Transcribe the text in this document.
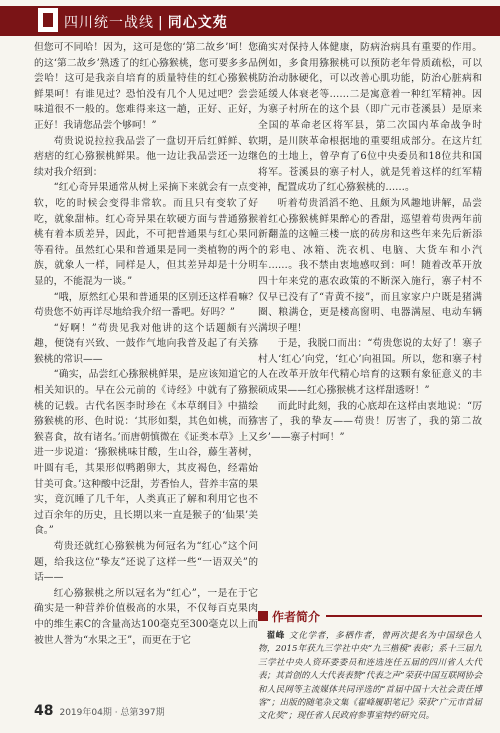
四川统一战线 | 同心文苑

但您可不同哈！因为，这可是您的‘第二故乡’呵！您的这‘第二故乡’熟透了的红心猕猴桃，您可要多多品尝哈！这可是我亲自培育的质量特佳的红心猕猴桃鲜果呵！有谁见过？恐怕没有几个人见过吧？尝尝味道很不一般的。您难得来这一趟，正好、正好，正好！我请您品尝个够呵！”

苟贵说说拉拉我品尝了一盘切开后红鲜鲜、软痞痞的红心猕猴桃鲜果。他一边让我品尝还一边继续对我介绍到：

“红心奇异果通常从树上采摘下来就会有一点变软，吃的时候会变得非常软。而且只有变软了好吃，就象甜柿。红心奇异果在软硬方面与普通猕猴桃有着本质差异，因此，不可把普通果与红心果同等看待。虽然红心果和普通果是同一类植物的两个族，就象人一样，同样是人，但其差异却是十分明显的，不能混为一谈。”

“哦，原然红心果和普通果的区别还这样看嘛？苟贵您不妨再详尽地给我介绍一番吧。好吗？”

“好啊！”苟贵见我对他讲的这个话题颇有兴趣，便饶有兴致、一鼓作气地向我普及起了有关猕猴桃的常识——

“确实，品尝红心猕猴桃鲜果，是应该知道它的相关知识的。早在公元前的《诗经》中就有了猕猴桃的记载。古代名医李时珍在《本草纲目》中描绘猕猴桃的形、色时说：‘其形如梨，其色如桃，而猕猴喜食，故有诸名。’而唐朝慎微在《证类本草》上又进一步说道：‘猕猴桃味甘酸，生山谷，藤生著树，叶圆有毛，其果形似鸭鹅卵大，其皮褐色，经霜始甘美可食。’这种酸中泛甜，芳香怡人，营养丰富的果实，竟沉睡了几千年，人类真正了解和利用它也不过百余年的历史，且长期以来一直是猴子的‘仙果’美食。”

苟贵还就红心猕猴桃为何冠名为“红心”这个问题，给我这位“挚友”还说了这样一些“一语双关”的话——

红心猕猴桃之所以冠名为“红心”，一是在于它确实是一种营养价值极高的水果，不仅每百克果肉中的维生素C的含量高达100毫克至300毫克以上而被世人誉为“水果之王”，而更在于它

确实对保持人体健康，防病治病具有重要的作用。例如，多食用猕猴桃可以预防老年骨质疏松，可以防治动脉硬化，可以改善心肌功能，防治心脏病和延缓人体衰老等……二是寓意着一种红军精神。因为寨子村所在的这个县（即广元市苍溪县）是原来全国的革命老区将军县，第二次国内革命战争时期，是川陕革命根据地的重要组成部分。在这片红色的土地上，曾孕育了6位中央委员和18位共和国将军。苍溪县的寨子村人，就是凭着这样的红军精神，配置成功了红心猕猴桃的……。

听着苟贵滔滔不绝、且颇为风趣地讲解，品尝着红心猕猴桃鲜果醉心的香甜，巡望着苟贵两年前新翻盖的这幢三楼一底的砖房和这些年来先后新添的彩电、冰箱、洗衣机、电脑、大货车和小汽车……。我不禁由衷地感叹到：呵！随着改革开放四十年来党的惠农政策的不断深入施行，寨子村不仅早已没有了“青黄不接”，而且家家户户既是猪满圈、粮满仓，更是楼高窗明、电器满屋、电动车辆满坝子哩！

于是，我脱口而出：“苟贵您说的太好了！寨子村人‘红心’向党，‘红心’向祖国。所以，您和寨子村人在改革开放年代精心培育的这颗有象征意义的丰硕成果——红心猕猴桃才这样甜透呀！”

而此时此刻，我的心底却在这样由衷地说：“厉害了，我的挚友——苟贵！厉害了，我的第二故乡’——寨子村呵！”

作者简介
翟峰 文化学者，多栖作者，曾两次提名为中国绿色人物，2015年获九三学社中央“九三楷模”表彰；系十三届九三学社中央人资环委委员和连选连任五届的四川省人大代表；其首创的人大代表表赞“代表之声”荣获中国互联网协会和人民网等主流媒体共同评选的“首届中国十大社会责任博客”；出版的随笔杂文集《翟峰履职笔记》荣获“广元市首届文化奖”；现任省人民政府参事室特约研究员。
48 2019年04期 · 总第397期
